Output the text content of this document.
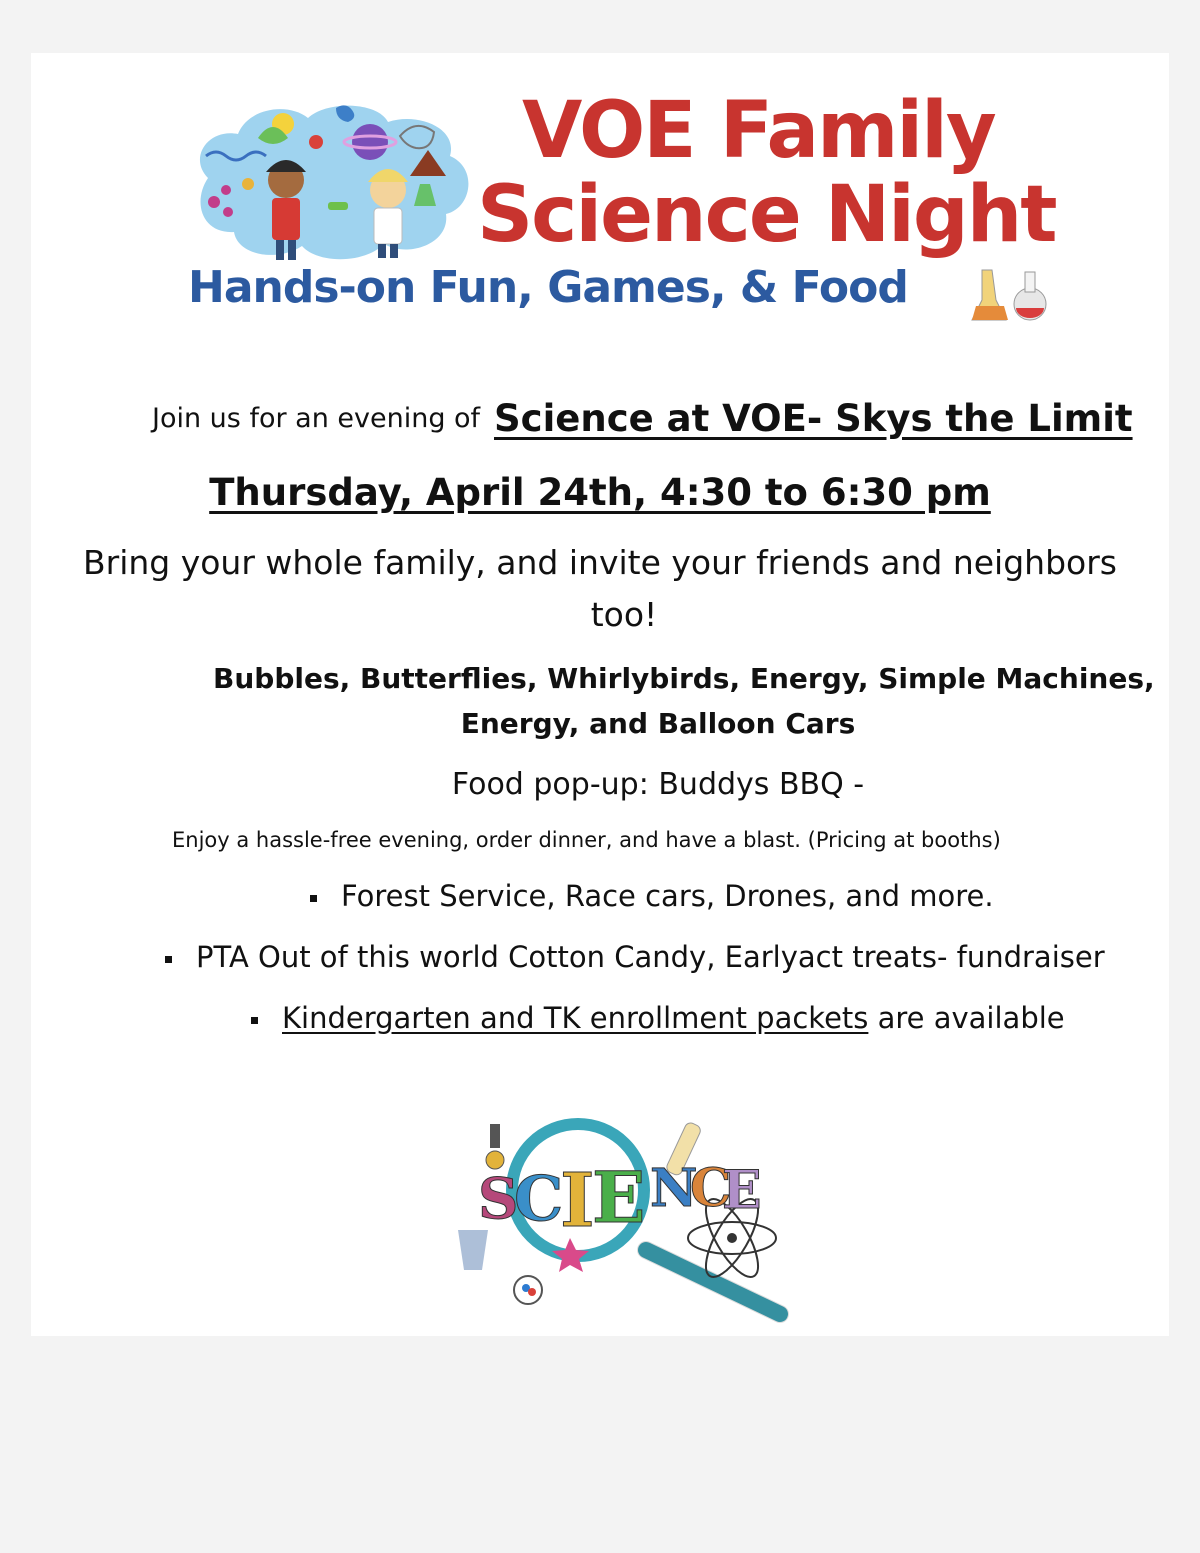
VOE Family
Science Night
Hands-on Fun, Games, & Food
Join us for an evening of Science at VOE- Skys the Limit
Thursday, April 24th, 4:30 to 6:30 pm
Bring your whole family, and invite your friends and neighbors
too!
Bubbles, Butterflies, Whirlybirds, Energy, Simple Machines,
Energy, and Balloon Cars
Food pop-up: Buddys BBQ -
Enjoy a hassle-free evening, order dinner, and have a blast. (Pricing at booths)
Forest Service, Race cars, Drones, and more.
PTA Out of this world Cotton Candy, Earlyact treats- fundraiser
Kindergarten and TK enrollment packets are available
SCIENCE
